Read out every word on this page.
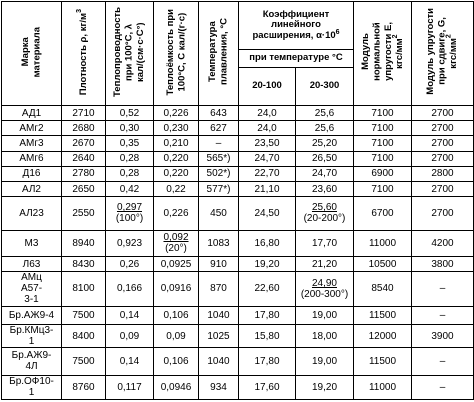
Марка материала	Плотность ρ, $кг/м^3$	Теплопроводность при 100°С, λ кал/(см·с·С°)	Теплоёмкость при 100°С, С кал/(г·с)	Температура плавления, °С	Коэффициент
линейного
расширения, $\alpha\cdot 10^6$		Модуль нормальной упругости Е, кгс/$мм^2$	Модуль упругости при сдвиге, G, кгс/$мм^2$

					при температуре °С			
					20-100	20-300		

АД1	2710	0,52	0,226	643	24,0	25,6	7100	2700

АМг2	2680	0,30	0,230	627	24,0	25,6	7100	2700

АМг3	2670	0,35	0,210	–	23,50	25,20	7100	2700

АМг6	2640	0,28	0,220	565*)	24,70	26,50	7100	2700

Д16	2780	0,28	0,220	502*)	22,70	24,70	6900	2800

АЛ2	2650	0,42	0,22	577*)	21,10	23,60	7100	2700

АЛ23	2550	$\frac{0,297}{(100^\circ)}$	0,226	450	24,50	$\frac{25,60}{(20-200^\circ)}$	6700	2700

М3	8940	0,923	$\frac{0,092}{(20^\circ)}$	1083	16,80	17,70	11000	4200

Л63	8430	0,26	0,0925	910	19,20	21,20	10500	3800

АМц
А57-
3-1	8100	0,166	0,0916	870	22,60	$\frac{24,90}{(200-300^\circ)}$	8540	–

Бр.АЖ9-4	7500	0,14	0,106	1040	17,80	19,00	11500	–

Бр.КМц3-
1	8400	0,09	0,09	1025	15,80	18,00	12000	3900

Бр.АЖ9-
4Л	7500	0,14	0,106	1040	17,80	19,00	11500	–

Бр.ОФ10-
1	8760	0,117	0,0946	934	17,60	19,20	11000	–
